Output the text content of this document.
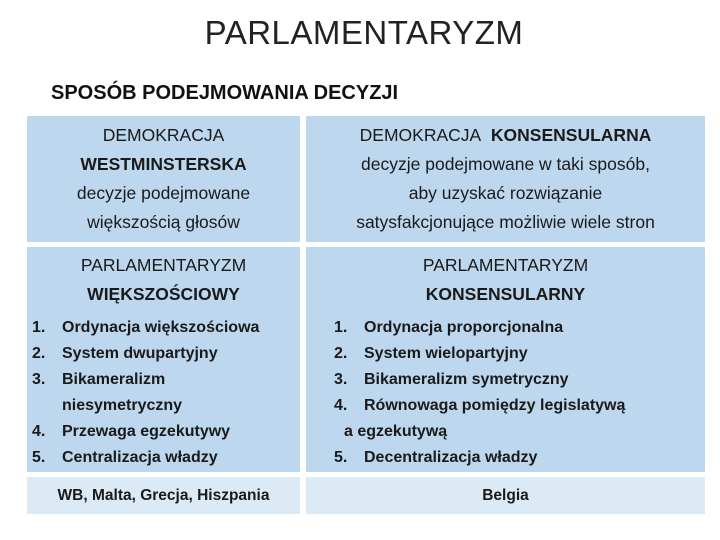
PARLAMENTARYZM
SPOSÓB PODEJMOWANIA DECYZJI
DEMOKRACJA
WESTMINSTERSKA
decyzje podejmowane
większością głosów
DEMOKRACJA KONSENSULARNA
decyzje podejmowane w taki sposób,
aby uzyskać rozwiązanie
satysfakcjonujące możliwie wiele stron
PARLAMENTARYZM
WIĘKSZOŚCIOWY
1. Ordynacja większościowa
2. System dwupartyjny
3. Bikameralizm
niesymetryczny
4. Przewaga egzekutywy
5. Centralizacja władzy
PARLAMENTARYZM
KONSENSULARNY
1. Ordynacja proporcjonalna
2. System wielopartyjny
3. Bikameralizm symetryczny
4. Równowaga pomiędzy legislatywą
a egzekutywą
5. Decentralizacja władzy
WB, Malta, Grecja, Hiszpania	Belgia
